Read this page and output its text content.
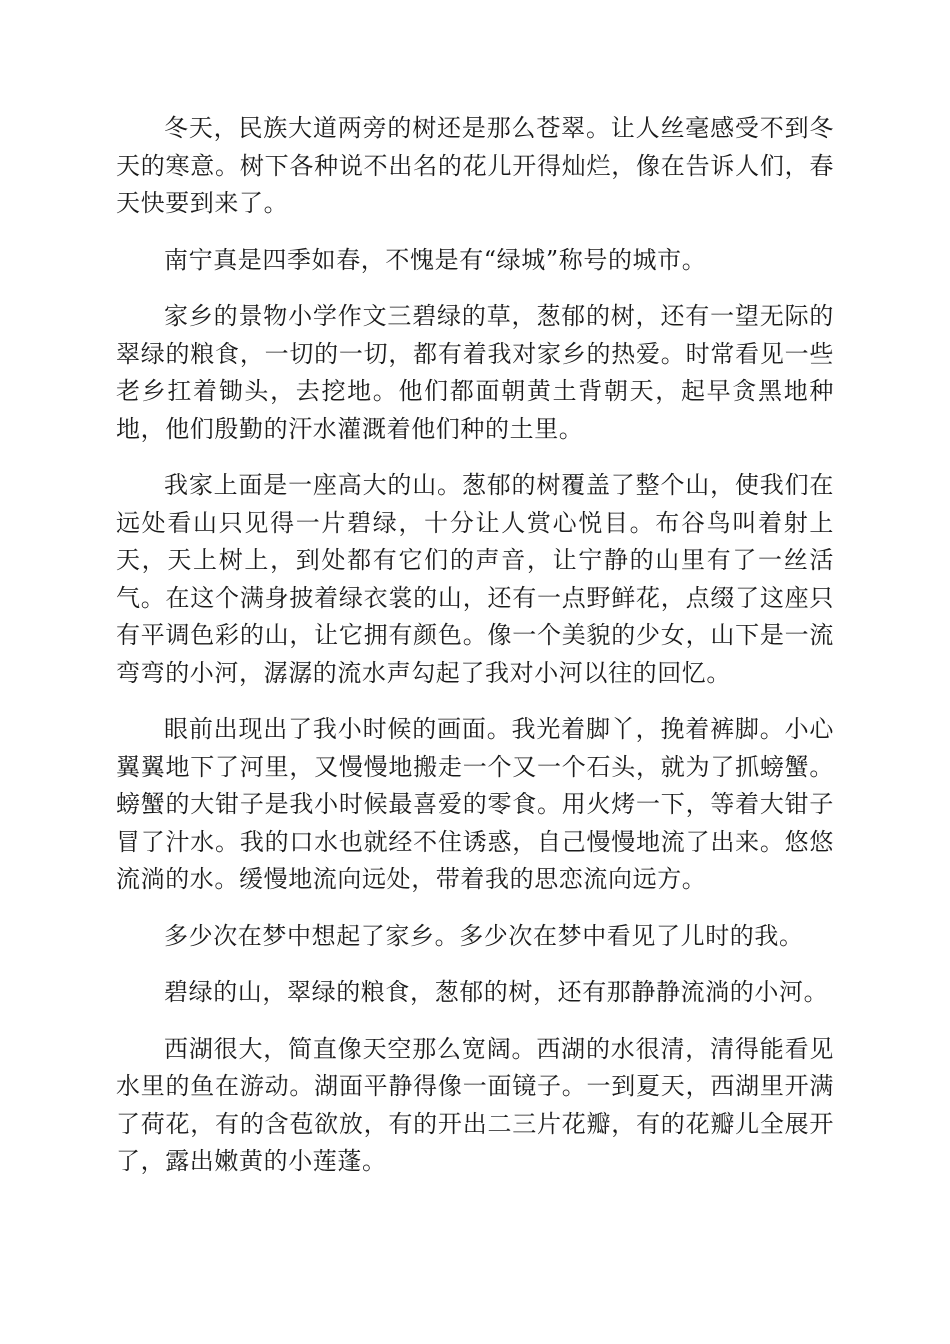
冬天，民族大道两旁的树还是那么苍翠。让人丝毫感受不到冬天的寒意。树下各种说不出名的花儿开得灿烂，像在告诉人们，春天快要到来了。

南宁真是四季如春，不愧是有“绿城”称号的城市。

家乡的景物小学作文三碧绿的草，葱郁的树，还有一望无际的翠绿的粮食，一切的一切，都有着我对家乡的热爱。时常看见一些老乡扛着锄头，去挖地。他们都面朝黄土背朝天，起早贪黑地种地，他们殷勤的汗水灌溉着他们种的土里。

我家上面是一座高大的山。葱郁的树覆盖了整个山，使我们在远处看山只见得一片碧绿，十分让人赏心悦目。布谷鸟叫着射上天，天上树上，到处都有它们的声音，让宁静的山里有了一丝活气。在这个满身披着绿衣裳的山，还有一点野鲜花，点缀了这座只有平调色彩的山，让它拥有颜色。像一个美貌的少女，山下是一流弯弯的小河，潺潺的流水声勾起了我对小河以往的回忆。

眼前出现出了我小时候的画面。我光着脚丫，挽着裤脚。小心翼翼地下了河里，又慢慢地搬走一个又一个石头，就为了抓螃蟹。螃蟹的大钳子是我小时候最喜爱的零食。用火烤一下，等着大钳子冒了汁水。我的口水也就经不住诱惑，自己慢慢地流了出来。悠悠流淌的水。缓慢地流向远处，带着我的思恋流向远方。

多少次在梦中想起了家乡。多少次在梦中看见了儿时的我。

碧绿的山，翠绿的粮食，葱郁的树，还有那静静流淌的小河。

西湖很大，简直像天空那么宽阔。西湖的水很清，清得能看见水里的鱼在游动。湖面平静得像一面镜子。一到夏天，西湖里开满了荷花，有的含苞欲放，有的开出二三片花瓣，有的花瓣儿全展开了，露出嫩黄的小莲蓬。
